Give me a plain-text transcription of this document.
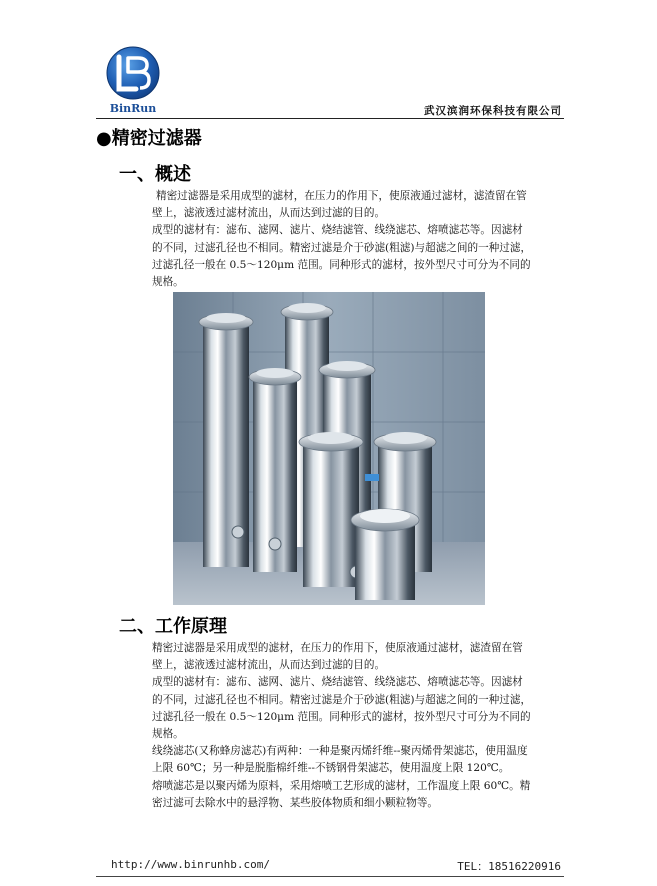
BinRun	武汉滨润环保科技有限公司
●精密过滤器
一、概述

精密过滤器是采用成型的滤材，在压力的作用下，使原液通过滤材，滤渣留在管

壁上，滤液透过滤材流出，从而达到过滤的目的。

成型的滤材有：滤布、滤网、滤片、烧结滤管、线绕滤芯、熔喷滤芯等。因滤材

的不同，过滤孔径也不相同。精密过滤是介于砂滤(粗滤)与超滤之间的一种过滤，

过滤孔径一般在 0.5～120μm 范围。同种形式的滤材，按外型尺寸可分为不同的

规格。

二、工作原理

精密过滤器是采用成型的滤材，在压力的作用下，使原液通过滤材，滤渣留在管

壁上，滤液透过滤材流出，从而达到过滤的目的。

成型的滤材有：滤布、滤网、滤片、烧结滤管、线绕滤芯、熔喷滤芯等。因滤材

的不同，过滤孔径也不相同。精密过滤是介于砂滤(粗滤)与超滤之间的一种过滤，

过滤孔径一般在 0.5～120μm 范围。同种形式的滤材，按外型尺寸可分为不同的

规格。

线绕滤芯(又称蜂房滤芯)有两种：一种是聚丙烯纤维--聚丙烯骨架滤芯，使用温度

上限 60℃；另一种是脱脂棉纤维--不锈钢骨架滤芯，使用温度上限 120℃。

熔喷滤芯是以聚丙烯为原料，采用熔喷工艺形成的滤材，工作温度上限 60℃。精

密过滤可去除水中的悬浮物、某些胶体物质和细小颗粒物等。

http://www.binrunhb.com/	TEL：18516220916
